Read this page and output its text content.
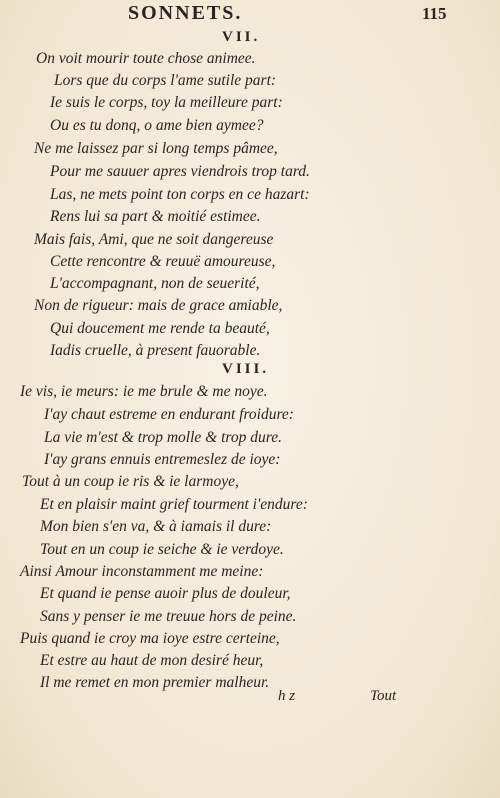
SONNETS.	115
VII.
On voit mourir toute chose animee.
Lors que du corps l'ame sutile part:
Ie suis le corps, toy la meilleure part:
Ou es tu donq, o ame bien aymee?
Ne me laissez par si long temps pâmee,
Pour me sauuer apres viendrois trop tard.
Las, ne mets point ton corps en ce hazart:
Rens lui sa part & moitié estimee.
Mais fais, Ami, que ne soit dangereuse
Cette rencontre & reuuë amoureuse,
L'accompagnant, non de seuerité,
Non de rigueur: mais de grace amiable,
Qui doucement me rende ta beauté,
Iadis cruelle, à present fauorable.
VIII.
Ie vis, ie meurs: ie me brule & me noye.
I'ay chaut estreme en endurant froidure:
La vie m'est & trop molle & trop dure.
I'ay grans ennuis entremeslez de ioye:
Tout à un coup ie ris & ie larmoye,
Et en plaisir maint grief tourment i'endure:
Mon bien s'en va, & à iamais il dure:
Tout en un coup ie seiche & ie verdoye.
Ainsi Amour inconstamment me meine:
Et quand ie pense auoir plus de douleur,
Sans y penser ie me treuue hors de peine.
Puis quand ie croy ma ioye estre certeine,
Et estre au haut de mon desiré heur,
Il me remet en mon premier malheur.
h z	Tout
